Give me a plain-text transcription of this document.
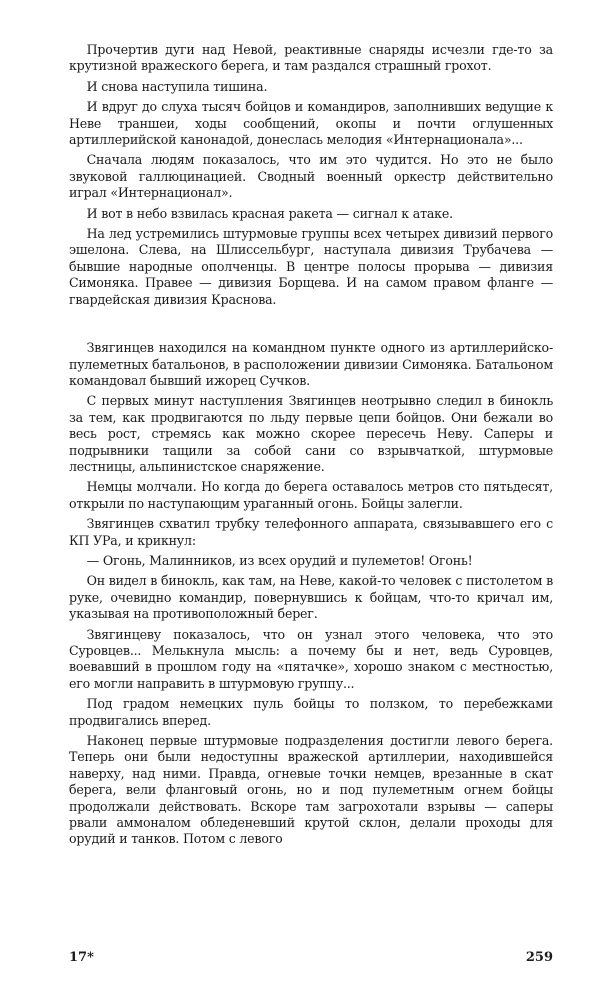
Прочертив дуги над Невой, реактивные снаряды исчезли где-то за крутизной вражеского берега, и там раздался страшный грохот.

И снова наступила тишина.

И вдруг до слуха тысяч бойцов и командиров, заполнивших ведущие к Неве траншеи, ходы сообщений, окопы и почти оглушенных артиллерийской канонадой, донеслась мелодия «Интернационала»...

Сначала людям показалось, что им это чудится. Но это не было звуковой галлюцинацией. Сводный военный оркестр действительно играл «Интернационал».

И вот в небо взвилась красная ракета — сигнал к атаке.

На лед устремились штурмовые группы всех четырех дивизий первого эшелона. Слева, на Шлиссельбург, наступала дивизия Трубачева — бывшие народные ополченцы. В центре полосы прорыва — дивизия Симоняка. Правее — дивизия Борщева. И на самом правом фланге — гвардейская дивизия Краснова.

Звягинцев находился на командном пункте одного из артиллерийско-пулеметных батальонов, в расположении дивизии Симоняка. Батальоном командовал бывший ижорец Сучков.

С первых минут наступления Звягинцев неотрывно следил в бинокль за тем, как продвигаются по льду первые цепи бойцов. Они бежали во весь рост, стремясь как можно скорее пересечь Неву. Саперы и подрывники тащили за собой сани со взрывчаткой, штурмовые лестницы, альпинистское снаряжение.

Немцы молчали. Но когда до берега оставалось метров сто пятьдесят, открыли по наступающим ураганный огонь. Бойцы залегли.

Звягинцев схватил трубку телефонного аппарата, связывавшего его с КП УРа, и крикнул:

— Огонь, Малинников, из всех орудий и пулеметов! Огонь!

Он видел в бинокль, как там, на Неве, какой-то человек с пистолетом в руке, очевидно командир, повернувшись к бойцам, что-то кричал им, указывая на противоположный берег.

Звягинцеву показалось, что он узнал этого человека, что это Суровцев... Мелькнула мысль: а почему бы и нет, ведь Суровцев, воевавший в прошлом году на «пятачке», хорошо знаком с местностью, его могли направить в штурмовую группу...

Под градом немецких пуль бойцы то ползком, то перебежками продвигались вперед.

Наконец первые штурмовые подразделения достигли левого берега. Теперь они были недоступны вражеской артиллерии, находившейся наверху, над ними. Правда, огневые точки немцев, врезанные в скат берега, вели фланговый огонь, но и под пулеметным огнем бойцы продолжали действовать. Вскоре там загрохотали взрывы — саперы рвали аммоналом обледеневший крутой склон, делали проходы для орудий и танков. Потом с левого

17*	259
